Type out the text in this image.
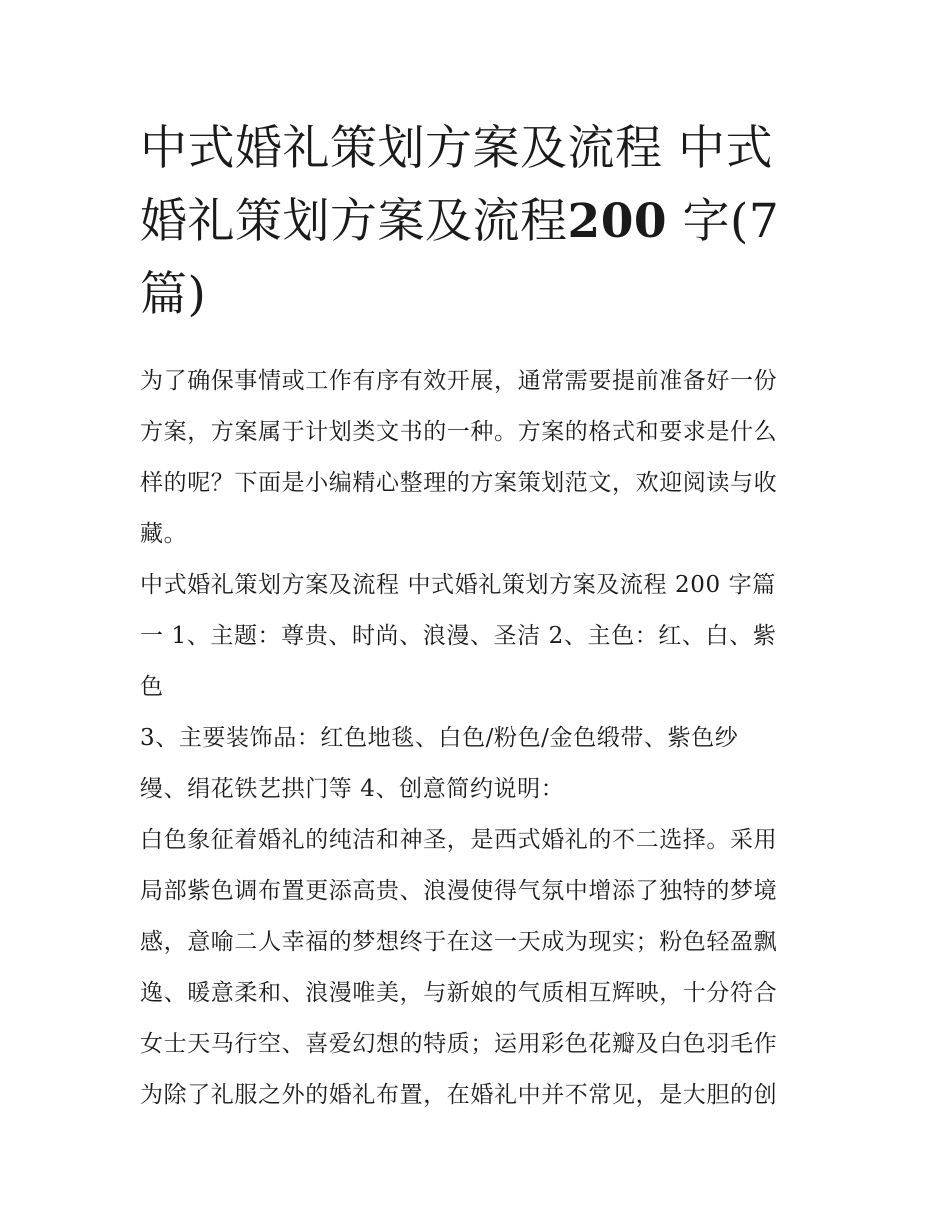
中式婚礼策划方案及流程 中式
婚礼策划方案及流程200 字(7
篇)

为了确保事情或工作有序有效开展，通常需要提前准备好一份
方案，方案属于计划类文书的一种。方案的格式和要求是什么
样的呢？下面是小编精心整理的方案策划范文，欢迎阅读与收
藏。

中式婚礼策划方案及流程 中式婚礼策划方案及流程 200 字篇
一 1、主题：尊贵、时尚、浪漫、圣洁 2、主色：红、白、紫
色

3、主要装饰品：红色地毯、白色/粉色/金色缎带、紫色纱
缦、绢花铁艺拱门等 4、创意简约说明：

白色象征着婚礼的纯洁和神圣，是西式婚礼的不二选择。采用
局部紫色调布置更添高贵、浪漫使得气氛中增添了独特的梦境
感，意喻二人幸福的梦想终于在这一天成为现实；粉色轻盈飘
逸、暖意柔和、浪漫唯美，与新娘的气质相互辉映，十分符合
女士天马行空、喜爱幻想的特质；运用彩色花瓣及白色羽毛作
为除了礼服之外的婚礼布置，在婚礼中并不常见，是大胆的创
